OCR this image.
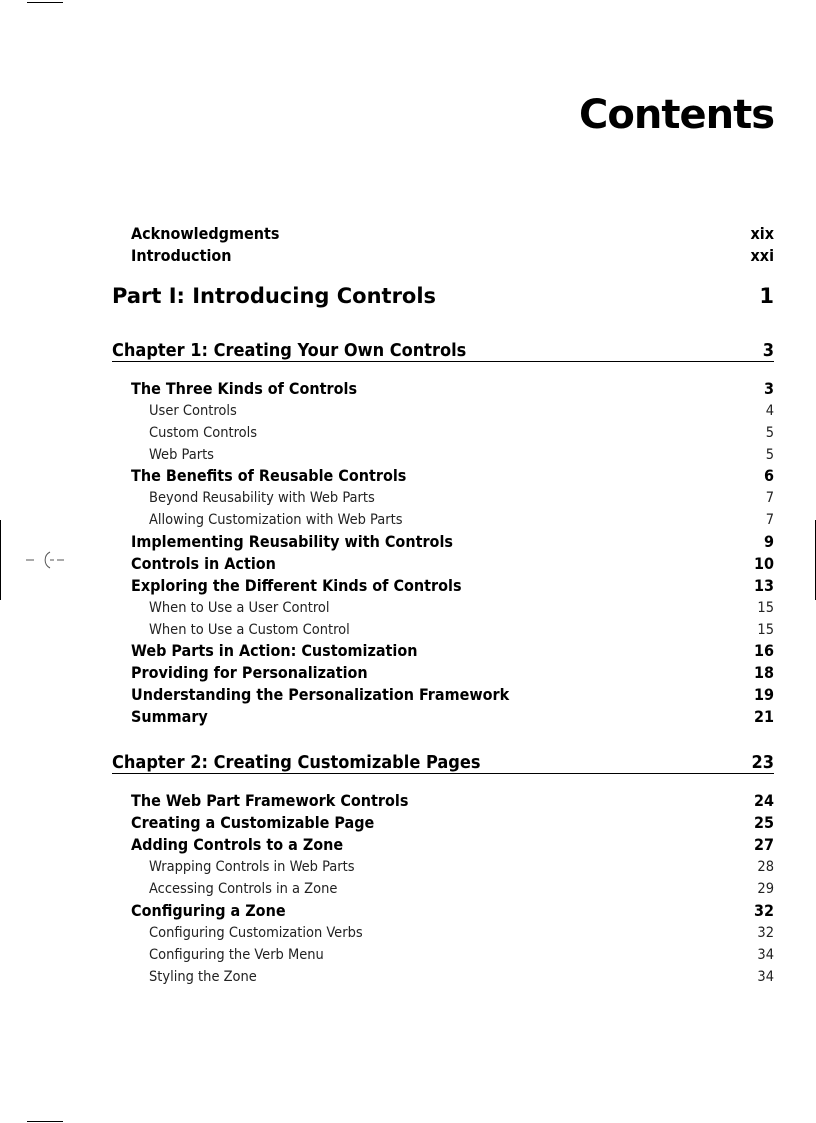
Contents
Acknowledgments	xix
Introduction	xxi
Part I: Introducing Controls	1
Chapter 1: Creating Your Own Controls	3
The Three Kinds of Controls	3
User Controls	4
Custom Controls	5
Web Parts	5
The Benefits of Reusable Controls	6
Beyond Reusability with Web Parts	7
Allowing Customization with Web Parts	7
Implementing Reusability with Controls	9
Controls in Action	10
Exploring the Different Kinds of Controls	13
When to Use a User Control	15
When to Use a Custom Control	15
Web Parts in Action: Customization	16
Providing for Personalization	18
Understanding the Personalization Framework	19
Summary	21
Chapter 2: Creating Customizable Pages	23
The Web Part Framework Controls	24
Creating a Customizable Page	25
Adding Controls to a Zone	27
Wrapping Controls in Web Parts	28
Accessing Controls in a Zone	29
Configuring a Zone	32
Configuring Customization Verbs	32
Configuring the Verb Menu	34
Styling the Zone	34
